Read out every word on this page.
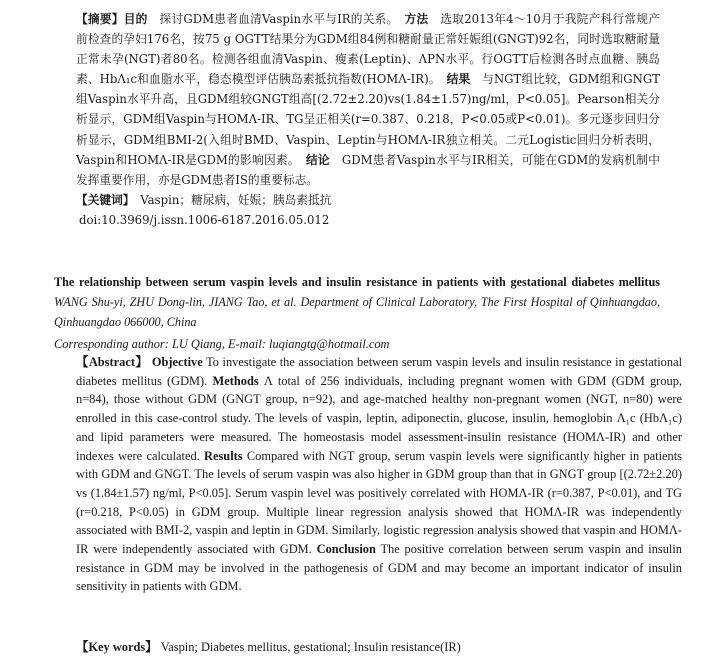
【摘要】目的　 探讨GDM患者血清Vaspin水平与IR的关系。　 方法　 选取2013年4～10月于我院产科行常规产前检查的孕妇176名，按75 g OGTT结果分为GDM组84例和糖耐量正常妊娠组(GNGT)92名，同时选取糖耐量正常未孕(NGT)者80名。检测各组血清Vaspin、瘦素(Leptin)、ΛPN水平。行OGTT后检测各时点血糖、胰岛素、HbΛ₁c和血脂水平，稳态模型评估胰岛素抵抗指数(HOMΛ-IR)。　 结果　 与NGT组比较，GDM组和GNGT组Vaspin水平升高，且GDM组较GNGT组高[(2.72±2.20)vs(1.84±1.57)ng/ml，P<0.05]。Pearson相关分析显示，GDM组Vaspin与HOMΛ-IR、TG呈正相关(r=0.387、0.218，P<0.05或P<0.01)。多元逐步回归分析显示，GDM组BMI-2(入组时BMD、Vaspin、Leptin与HOMΛ-IR独立相关。二元Logistic回归分析表明，Vaspin和HOMΛ-IR是GDM的影响因素。　 结论　 GDM患者Vaspin水平与IR相关，可能在GDM的发病机制中发挥重要作用，亦是GDM患者IS的重要标志。

【关键词】　 Vaspin；糖尿病，妊娠；胰岛素抵抗

doi:10.3969/j.issn.1006-6187.2016.05.012

The relationship between serum vaspin levels and insulin resistance in patients with gestational diabetes mellitus WANG Shu-yi, ZHU Dong-lin, JIANG Tao, et al. Department of Clinical Laboratory, The First Hospital of Qinhuangdao, Qinhuangdao 066000, China

Corresponding author: LU Qiang, E-mail: luqiangtg@hotmail.com

【Abstract】 Objective To investigate the association between serum vaspin levels and insulin resistance in gestational diabetes mellitus (GDM). Methods Λ total of 256 individuals, including pregnant women with GDM (GDM group, n=84), those without GDM (GNGT group, n=92), and age-matched healthy non-pregnant women (NGT, n=80) were enrolled in this case-control study. The levels of vaspin, leptin, adiponectin, glucose, insulin, hemoglobin Λ₁c (HbΛ₁c) and lipid parameters were measured. The homeostasis model assessment-insulin resistance (HOMΛ-IR) and other indexes were calculated. Results Compared with NGT group, serum vaspin levels were significantly higher in patients with GDM and GNGT. The levels of serum vaspin was also higher in GDM group than that in GNGT group [(2.72±2.20) vs (1.84±1.57) ng/ml, P<0.05]. Serum vaspin level was positively correlated with HOMΛ-IR (r=0.387, P<0.01), and TG (r=0.218, P<0.05) in GDM group. Multiple linear regression analysis showed that HOMΛ-IR was independently associated with BMI-2, vaspin and leptin in GDM. Similarly, logistic regression analysis showed that vaspin and HOMΛ-IR were independently associated with GDM. Conclusion The positive correlation between serum vaspin and insulin resistance in GDM may be involved in the pathogenesis of GDM and may become an important indicator of insulin sensitivity in patients with GDM.

【Key words】 Vaspin; Diabetes mellitus, gestational; Insulin resistance(IR)
